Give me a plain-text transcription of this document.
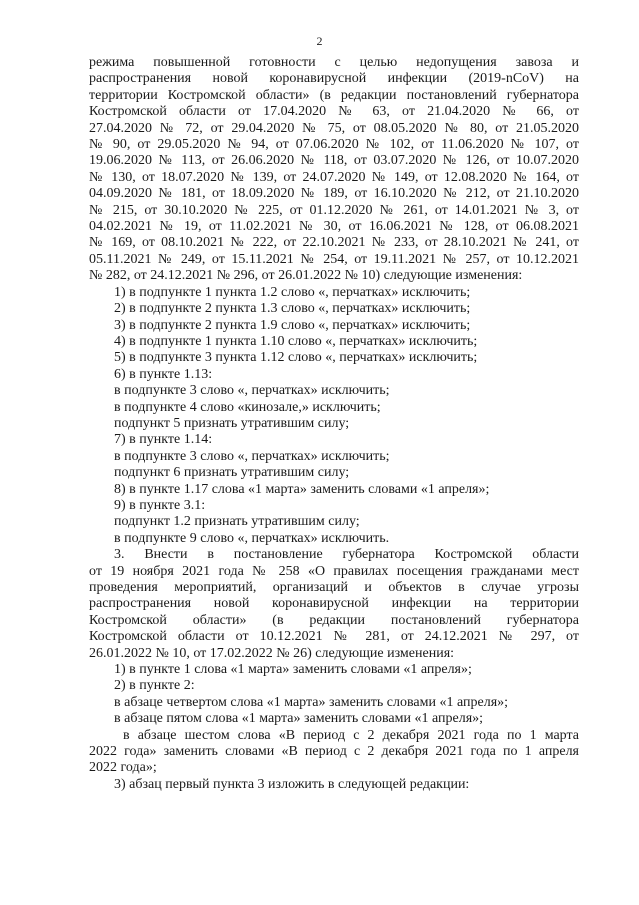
2
режима повышенной готовности с целью недопущения завоза и
распространения новой коронавирусной инфекции (2019-nCoV) на
территории Костромской области» (в редакции постановлений губернатора
Костромской области от 17.04.2020 № 63, от 21.04.2020 № 66, от
27.04.2020 № 72, от 29.04.2020 № 75, от 08.05.2020 № 80, от 21.05.2020
№ 90, от 29.05.2020 № 94, от 07.06.2020 № 102, от 11.06.2020 № 107, от
19.06.2020 № 113, от 26.06.2020 № 118, от 03.07.2020 № 126, от 10.07.2020
№ 130, от 18.07.2020 № 139, от 24.07.2020 № 149, от 12.08.2020 № 164, от
04.09.2020 № 181, от 18.09.2020 № 189, от 16.10.2020 № 212, от 21.10.2020
№ 215, от 30.10.2020 № 225, от 01.12.2020 № 261, от 14.01.2021 № 3, от
04.02.2021 № 19, от 11.02.2021 № 30, от 16.06.2021 № 128, от 06.08.2021
№ 169, от 08.10.2021 № 222, от 22.10.2021 № 233, от 28.10.2021 № 241, от
05.11.2021 № 249, от 15.11.2021 № 254, от 19.11.2021 № 257, от 10.12.2021
№ 282, от 24.12.2021 № 296, от 26.01.2022 № 10) следующие изменения:
1) в подпункте 1 пункта 1.2 слово «, перчатках» исключить;
2) в подпункте 2 пункта 1.3 слово «, перчатках» исключить;
3) в подпункте 2 пункта 1.9 слово «, перчатках» исключить;
4) в подпункте 1 пункта 1.10 слово «, перчатках» исключить;
5) в подпункте 3 пункта 1.12 слово «, перчатках» исключить;
6) в пункте 1.13:
в подпункте 3 слово «, перчатках» исключить;
в подпункте 4 слово «кинозале,» исключить;
подпункт 5 признать утратившим силу;
7) в пункте 1.14:
в подпункте 3 слово «, перчатках» исключить;
подпункт 6 признать утратившим силу;
8) в пункте 1.17 слова «1 марта» заменить словами «1 апреля»;
9) в пункте 3.1:
подпункт 1.2 признать утратившим силу;
в подпункте 9 слово «, перчатках» исключить.
3. Внести в постановление губернатора Костромской области
от 19 ноября 2021 года № 258 «О правилах посещения гражданами мест
проведения мероприятий, организаций и объектов в случае угрозы
распространения новой коронавирусной инфекции на территории
Костромской области» (в редакции постановлений губернатора
Костромской области от 10.12.2021 № 281, от 24.12.2021 № 297, от
26.01.2022 № 10, от 17.02.2022 № 26) следующие изменения:
1) в пункте 1 слова «1 марта» заменить словами «1 апреля»;
2) в пункте 2:
в абзаце четвертом слова «1 марта» заменить словами «1 апреля»;
в абзаце пятом слова «1 марта» заменить словами «1 апреля»;
в абзаце шестом слова «В период с 2 декабря 2021 года по 1 марта
2022 года» заменить словами «В период с 2 декабря 2021 года по 1 апреля
2022 года»;
3) абзац первый пункта 3 изложить в следующей редакции:
